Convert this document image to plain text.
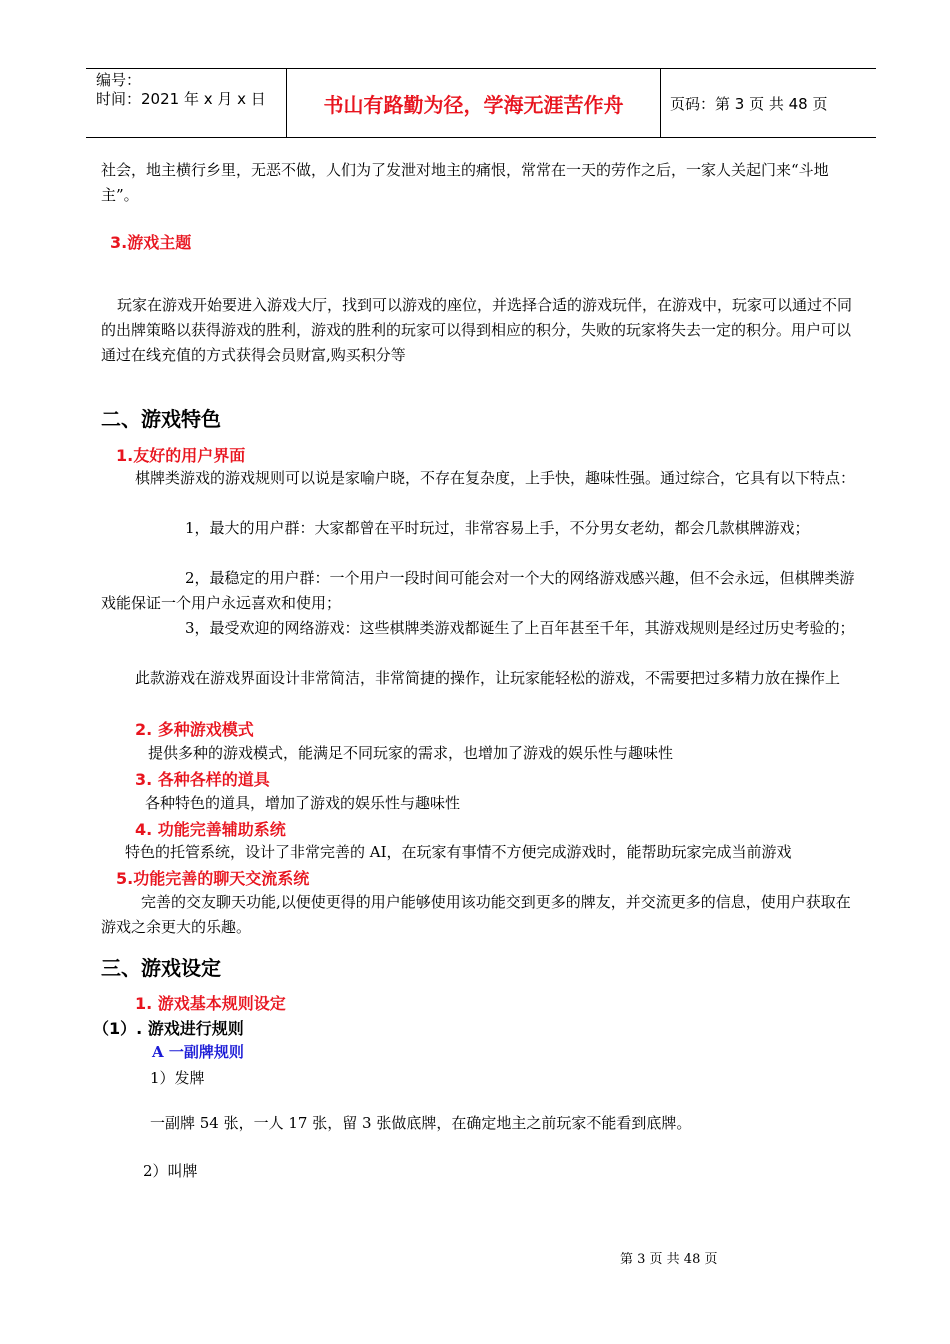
编号：
时间：2021 年 x 月 x 日	书山有路勤为径，学海无涯苦作舟	页码：第 3 页 共 48 页

社会，地主横行乡里，无恶不做，人们为了发泄对地主的痛恨，常常在一天的劳作之后，一家人关起门来“斗地主”。

3.游戏主题

玩家在游戏开始要进入游戏大厅，找到可以游戏的座位，并选择合适的游戏玩伴，在游戏中，玩家可以通过不同的出牌策略以获得游戏的胜利，游戏的胜利的玩家可以得到相应的积分，失败的玩家将失去一定的积分。用户可以通过在线充值的方式获得会员财富,购买积分等

二、游戏特色
1.友好的用户界面

棋牌类游戏的游戏规则可以说是家喻户晓，不存在复杂度，上手快，趣味性强。通过综合，它具有以下特点：

1，最大的用户群：大家都曾在平时玩过，非常容易上手，不分男女老幼，都会几款棋牌游戏；

2，最稳定的用户群：一个用户一段时间可能会对一个大的网络游戏感兴趣，但不会永远，但棋牌类游戏能保证一个用户永远喜欢和使用；

3，最受欢迎的网络游戏：这些棋牌类游戏都诞生了上百年甚至千年，其游戏规则是经过历史考验的；

此款游戏在游戏界面设计非常简洁，非常简捷的操作，让玩家能轻松的游戏，不需要把过多精力放在操作上

2. 多种游戏模式

提供多种的游戏模式，能满足不同玩家的需求，也增加了游戏的娱乐性与趣味性

3. 各种各样的道具

各种特色的道具，增加了游戏的娱乐性与趣味性

4. 功能完善辅助系统

特色的托管系统，设计了非常完善的 AI，在玩家有事情不方便完成游戏时，能帮助玩家完成当前游戏

5.功能完善的聊天交流系统

完善的交友聊天功能,以便使更得的用户能够使用该功能交到更多的牌友，并交流更多的信息，使用户获取在游戏之余更大的乐趣。

三、游戏设定
1. 游戏基本规则设定
（1）. 游戏进行规则
A 一副牌规则

1）发牌

一副牌 54 张，一人 17 张，留 3 张做底牌，在确定地主之前玩家不能看到底牌。

2）叫牌

第 3 页 共 48 页
